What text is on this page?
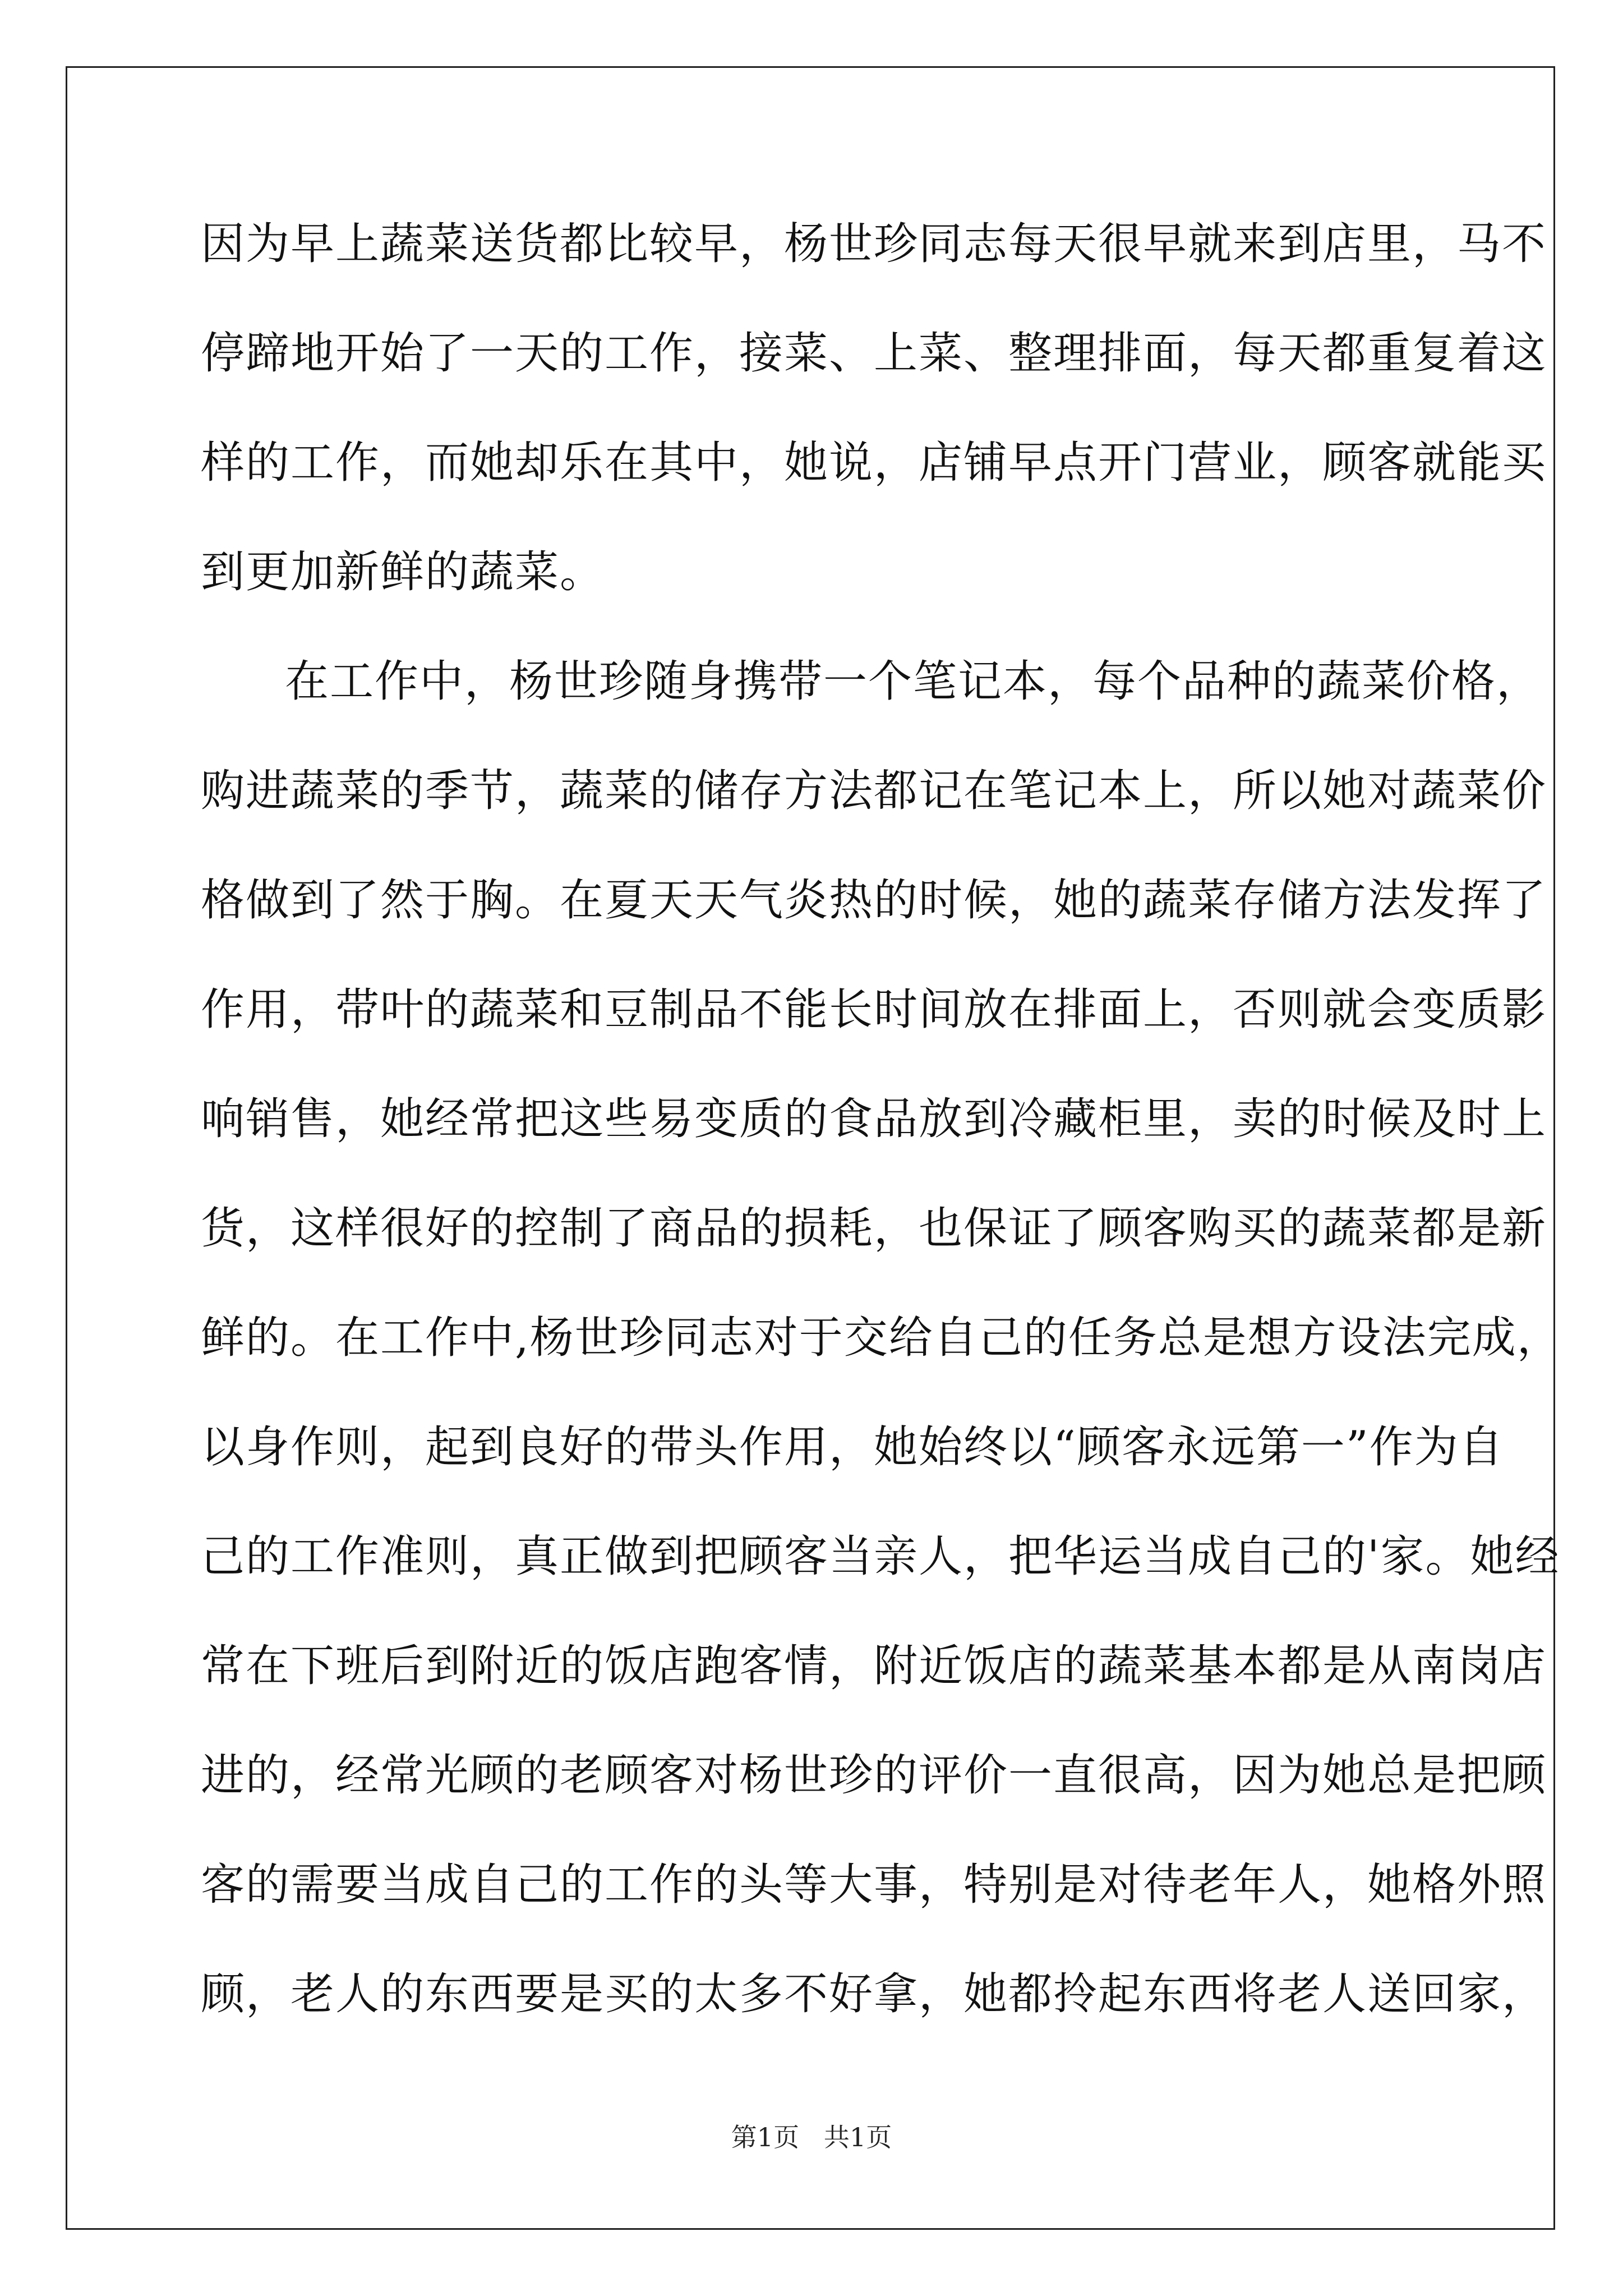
因为早上蔬菜送货都比较早，杨世珍同志每天很早就来到店里，马不
停蹄地开始了一天的工作，接菜、上菜、整理排面，每天都重复着这
样的工作，而她却乐在其中，她说，店铺早点开门营业，顾客就能买
到更加新鲜的蔬菜。
在工作中，杨世珍随身携带一个笔记本，每个品种的蔬菜价格，
购进蔬菜的季节，蔬菜的储存方法都记在笔记本上，所以她对蔬菜价
格做到了然于胸。在夏天天气炎热的时候，她的蔬菜存储方法发挥了
作用，带叶的蔬菜和豆制品不能长时间放在排面上，否则就会变质影
响销售，她经常把这些易变质的食品放到冷藏柜里，卖的时候及时上
货，这样很好的控制了商品的损耗，也保证了顾客购买的蔬菜都是新
鲜的。在工作中,杨世珍同志对于交给自己的任务总是想方设法完成，
以身作则，起到良好的带头作用，她始终以“顾客永远第一”作为自
己的工作准则，真正做到把顾客当亲人，把华运当成自己的'家。她经
常在下班后到附近的饭店跑客情，附近饭店的蔬菜基本都是从南岗店
进的，经常光顾的老顾客对杨世珍的评价一直很高，因为她总是把顾
客的需要当成自己的工作的头等大事，特别是对待老年人，她格外照
顾，老人的东西要是买的太多不好拿，她都拎起东西将老人送回家，
第1页   共1页
